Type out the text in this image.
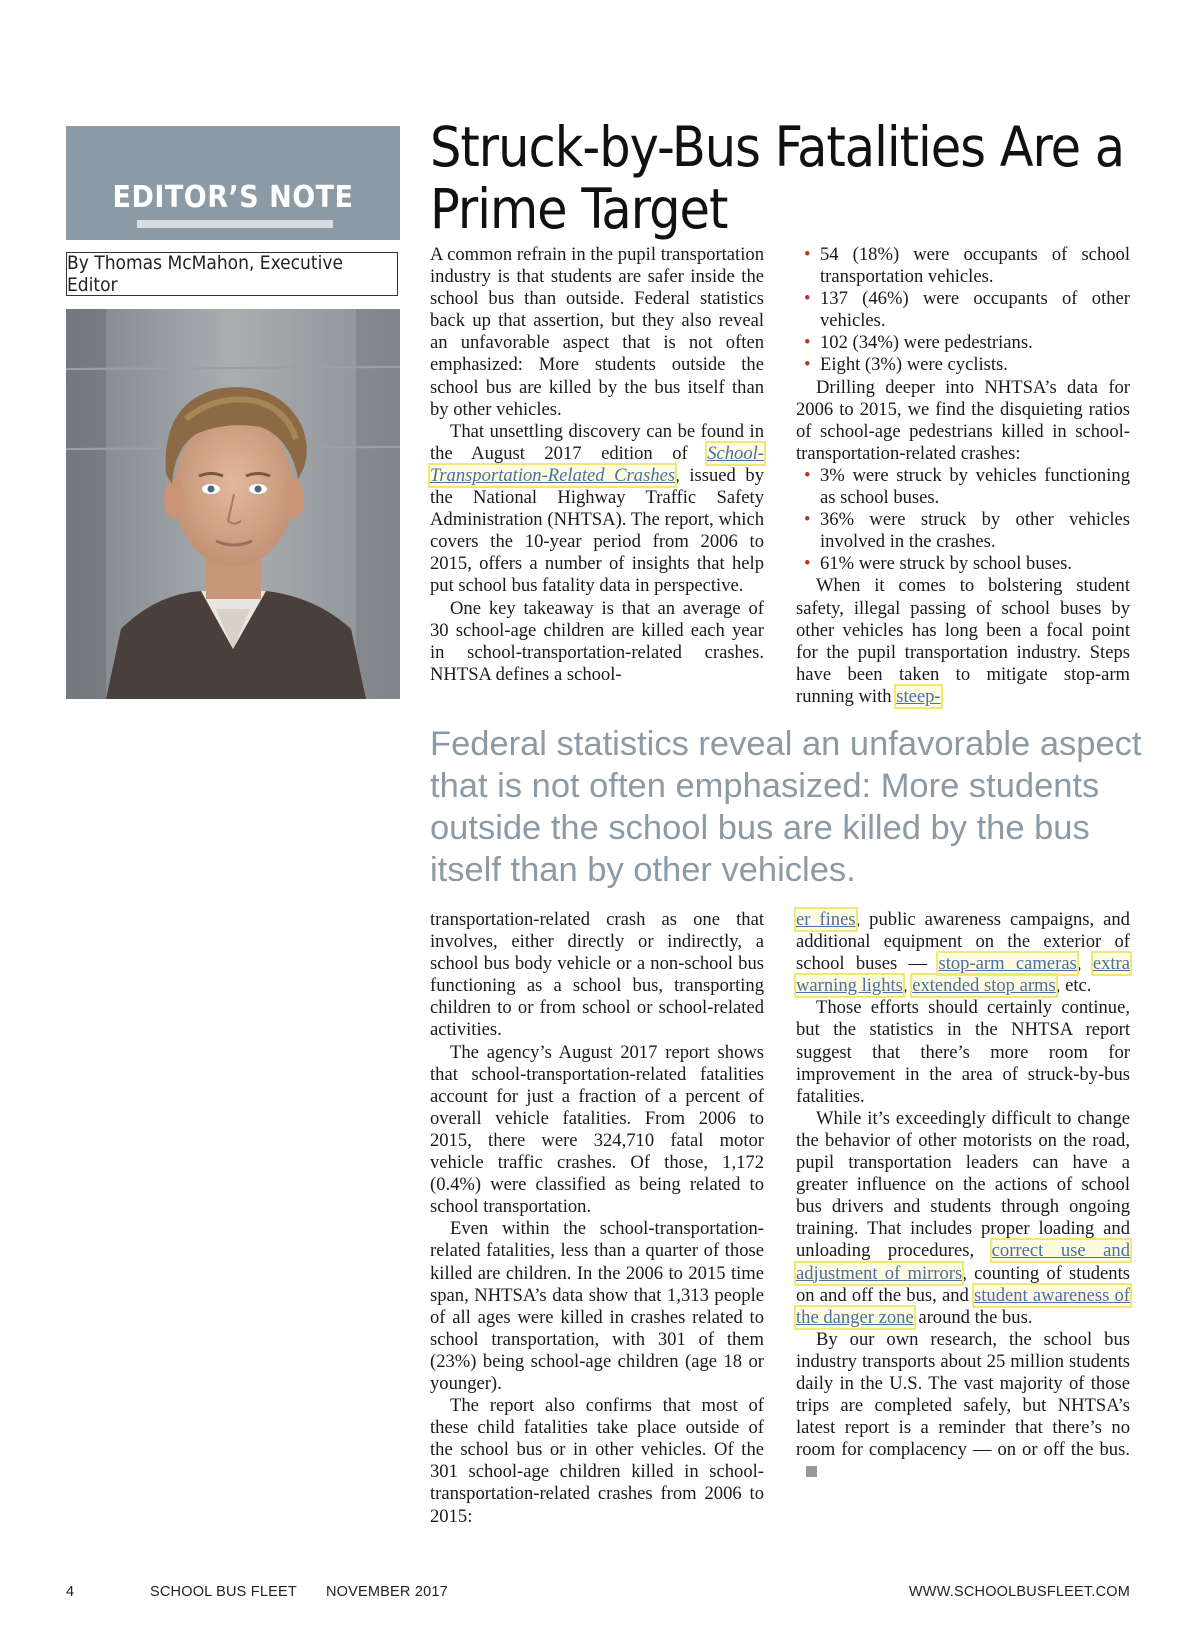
EDITOR’S NOTE
By Thomas McMahon, Executive Editor
Struck-by-Bus Fatalities Are a
Prime Target

A common refrain in the pupil transportation industry is that students are safer inside the school bus than outside. Federal statistics back up that assertion, but they also reveal an unfavorable aspect that is not often emphasized: More students outside the school bus are killed by the bus itself than by other vehicles.

That unsettling discovery can be found in the August 2017 edition of School-Transportation-Related Crashes, issued by the National Highway Traffic Safety Administration (NHTSA). The report, which covers the 10-year period from 2006 to 2015, offers a number of insights that help put school bus fatality data in perspective.

One key takeaway is that an average of 30 school-age children are killed each year in school-transportation-related crashes. NHTSA defines a school-

• 54 (18%) were occupants of school transportation vehicles.
• 137 (46%) were occupants of other vehicles.
• 102 (34%) were pedestrians.
• Eight (3%) were cyclists.

Drilling deeper into NHTSA’s data for 2006 to 2015, we find the disquieting ratios of school-age pedestrians killed in school-transportation-related crashes:

• 3% were struck by vehicles functioning as school buses.
• 36% were struck by other vehicles involved in the crashes.
• 61% were struck by school buses.

When it comes to bolstering student safety, illegal passing of school buses by other vehicles has long been a focal point for the pupil transportation industry. Steps have been taken to mitigate stop-arm running with steep-

Federal statistics reveal an unfavorable aspect that is not often emphasized: More students outside the school bus are killed by the bus itself than by other vehicles.

transportation-related crash as one that involves, either directly or indirectly, a school bus body vehicle or a non-school bus functioning as a school bus, transporting children to or from school or school-related activities.

The agency’s August 2017 report shows that school-transportation-related fatalities account for just a fraction of a percent of overall vehicle fatalities. From 2006 to 2015, there were 324,710 fatal motor vehicle traffic crashes. Of those, 1,172 (0.4%) were classified as being related to school transportation.

Even within the school-transportation-related fatalities, less than a quarter of those killed are children. In the 2006 to 2015 time span, NHTSA’s data show that 1,313 people of all ages were killed in crashes related to school transportation, with 301 of them (23%) being school-age children (age 18 or younger).

The report also confirms that most of these child fatalities take place outside of the school bus or in other vehicles. Of the 301 school-age children killed in school-transportation-related crashes from 2006 to 2015:

er fines, public awareness campaigns, and additional equipment on the exterior of school buses — stop-arm cameras, extra warning lights, extended stop arms, etc.

Those efforts should certainly continue, but the statistics in the NHTSA report suggest that there’s more room for improvement in the area of struck-by-bus fatalities.

While it’s exceedingly difficult to change the behavior of other motorists on the road, pupil transportation leaders can have a greater influence on the actions of school bus drivers and students through ongoing training. That includes proper loading and unloading procedures, correct use and adjustment of mirrors, counting of students on and off the bus, and student awareness of the danger zone around the bus.

By our own research, the school bus industry transports about 25 million students daily in the U.S. The vast majority of those trips are completed safely, but NHTSA’s latest report is a reminder that there’s no room for complacency — on or off the bus.

4	SCHOOL BUS FLEET NOVEMBER 2017	WWW.SCHOOLBUSFLEET.COM
